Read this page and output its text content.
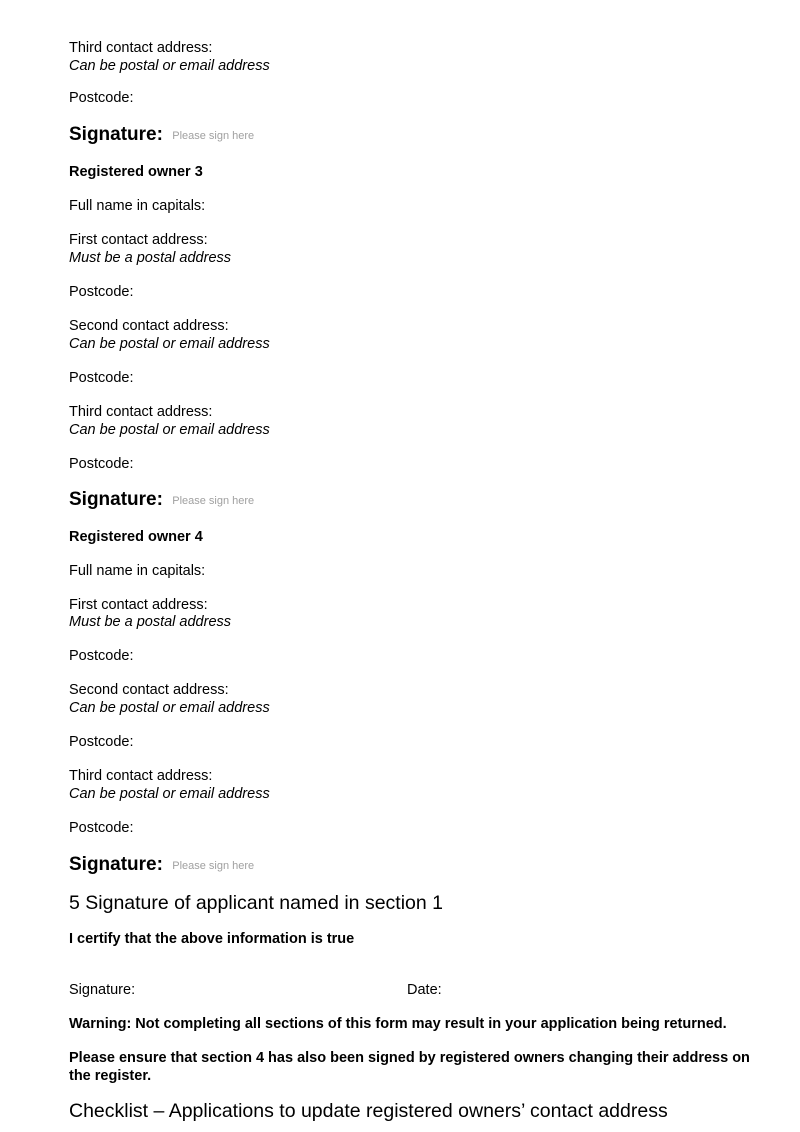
Third contact address:
Can be postal or email address
Postcode:
Signature: Please sign here
Registered owner 3
Full name in capitals:
First contact address:
Must be a postal address
Postcode:
Second contact address:
Can be postal or email address
Postcode:
Third contact address:
Can be postal or email address
Postcode:
Signature: Please sign here
Registered owner 4
Full name in capitals:
First contact address:
Must be a postal address
Postcode:
Second contact address:
Can be postal or email address
Postcode:
Third contact address:
Can be postal or email address
Postcode:
Signature: Please sign here
5 Signature of applicant named in section 1
I certify that the above information is true
Signature:	Date:
Warning: Not completing all sections of this form may result in your application being returned.
Please ensure that section 4 has also been signed by registered owners changing their address on the register.
Checklist – Applications to update registered owners’ contact address
